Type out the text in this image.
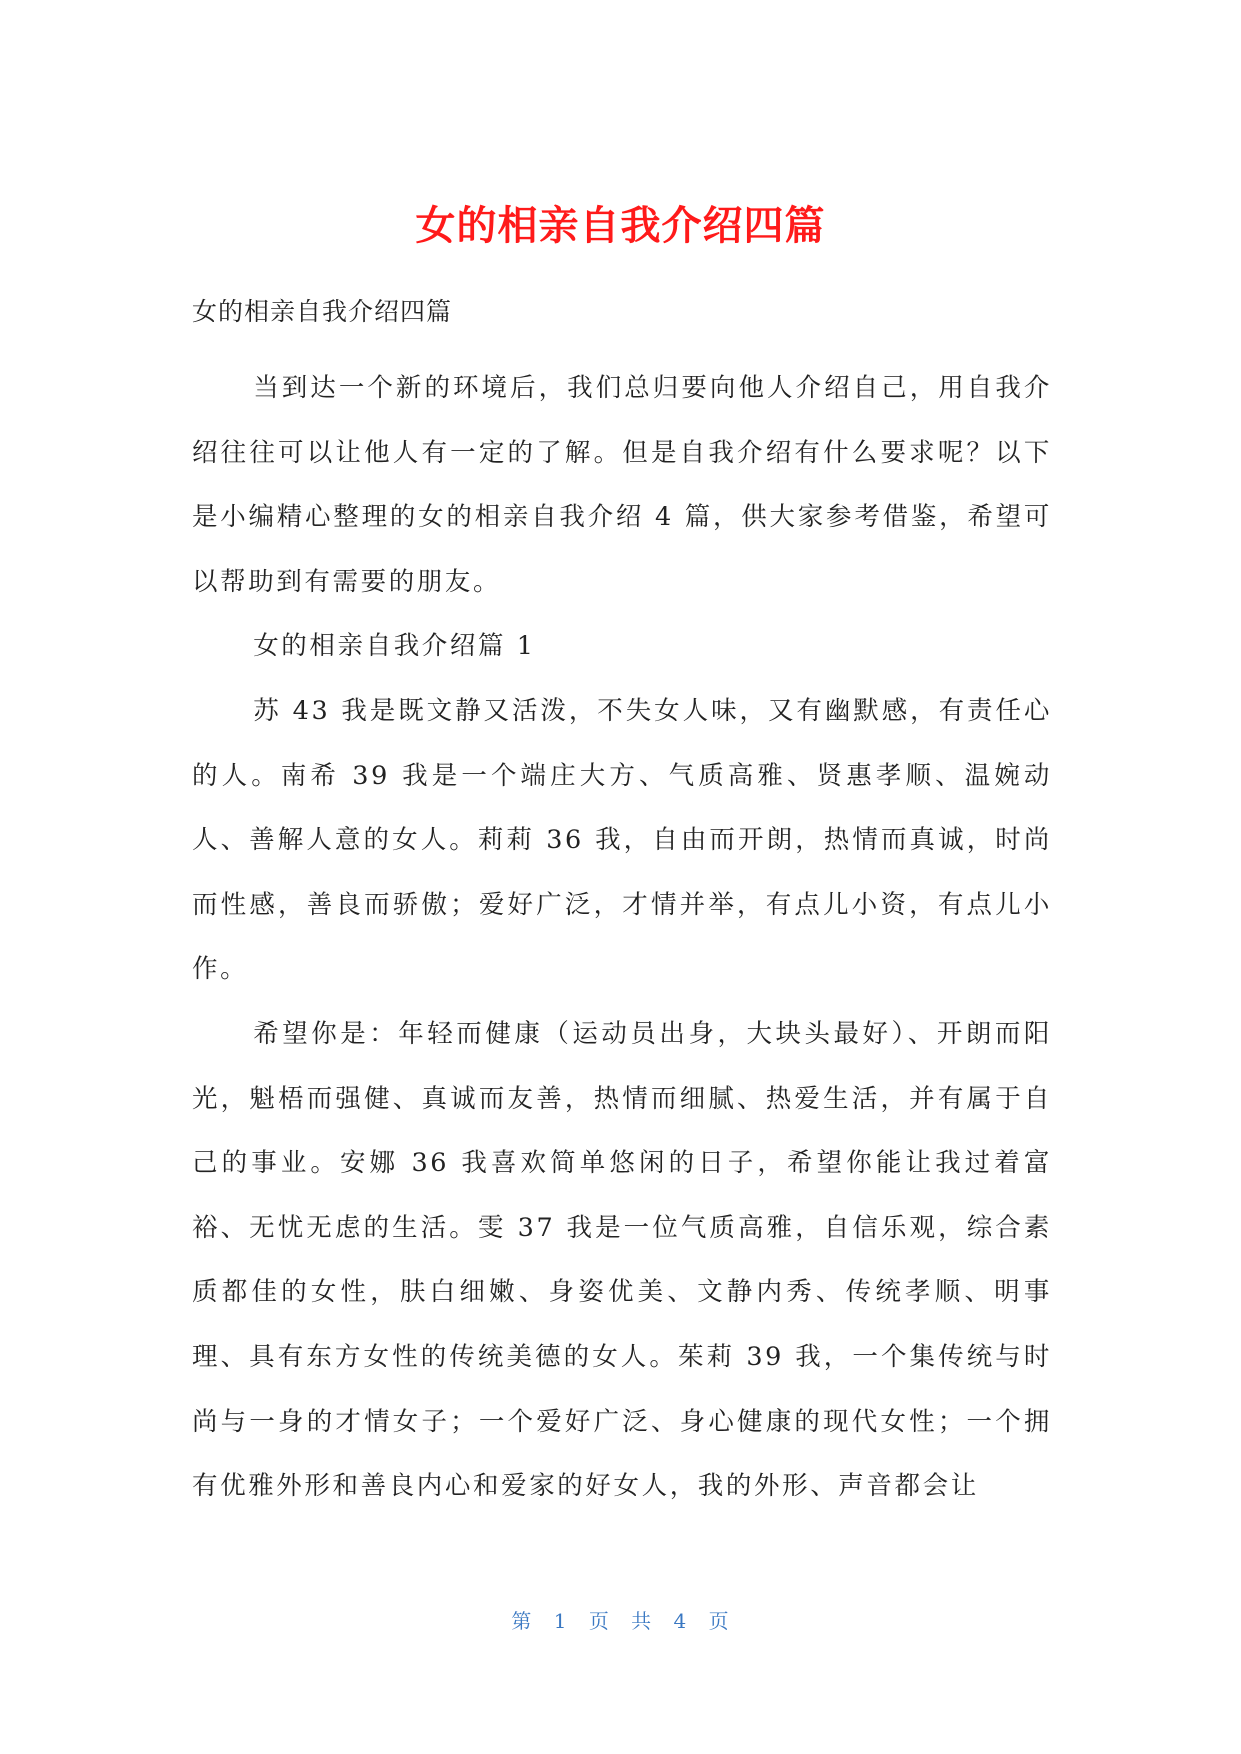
女的相亲自我介绍四篇
女的相亲自我介绍四篇

当到达一个新的环境后，我们总归要向他人介绍自己，用自我介绍往往可以让他人有一定的了解。但是自我介绍有什么要求呢？以下是小编精心整理的女的相亲自我介绍 4 篇，供大家参考借鉴，希望可以帮助到有需要的朋友。

女的相亲自我介绍篇 1

苏 43 我是既文静又活泼，不失女人味，又有幽默感，有责任心的人。南希 39 我是一个端庄大方、气质高雅、贤惠孝顺、温婉动人、善解人意的女人。莉莉 36 我，自由而开朗，热情而真诚，时尚而性感，善良而骄傲；爱好广泛，才情并举，有点儿小资，有点儿小作。

希望你是：年轻而健康（运动员出身，大块头最好）、开朗而阳光，魁梧而强健、真诚而友善，热情而细腻、热爱生活，并有属于自己的事业。安娜 36 我喜欢简单悠闲的日子，希望你能让我过着富裕、无忧无虑的生活。雯 37 我是一位气质高雅，自信乐观，综合素质都佳的女性，肤白细嫩、身姿优美、文静内秀、传统孝顺、明事理、具有东方女性的传统美德的女人。茱莉 39 我，一个集传统与时尚与一身的才情女子；一个爱好广泛、身心健康的现代女性；一个拥有优雅外形和善良内心和爱家的好女人，我的外形、声音都会让

第 1 页 共 4 页
